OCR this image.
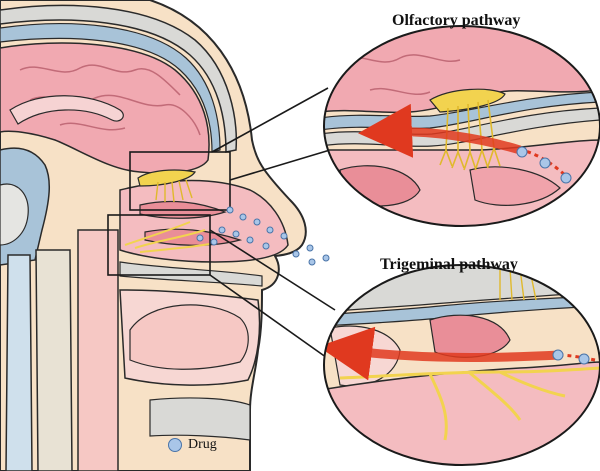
Olfactory pathway
Trigeminal pathway
Drug
